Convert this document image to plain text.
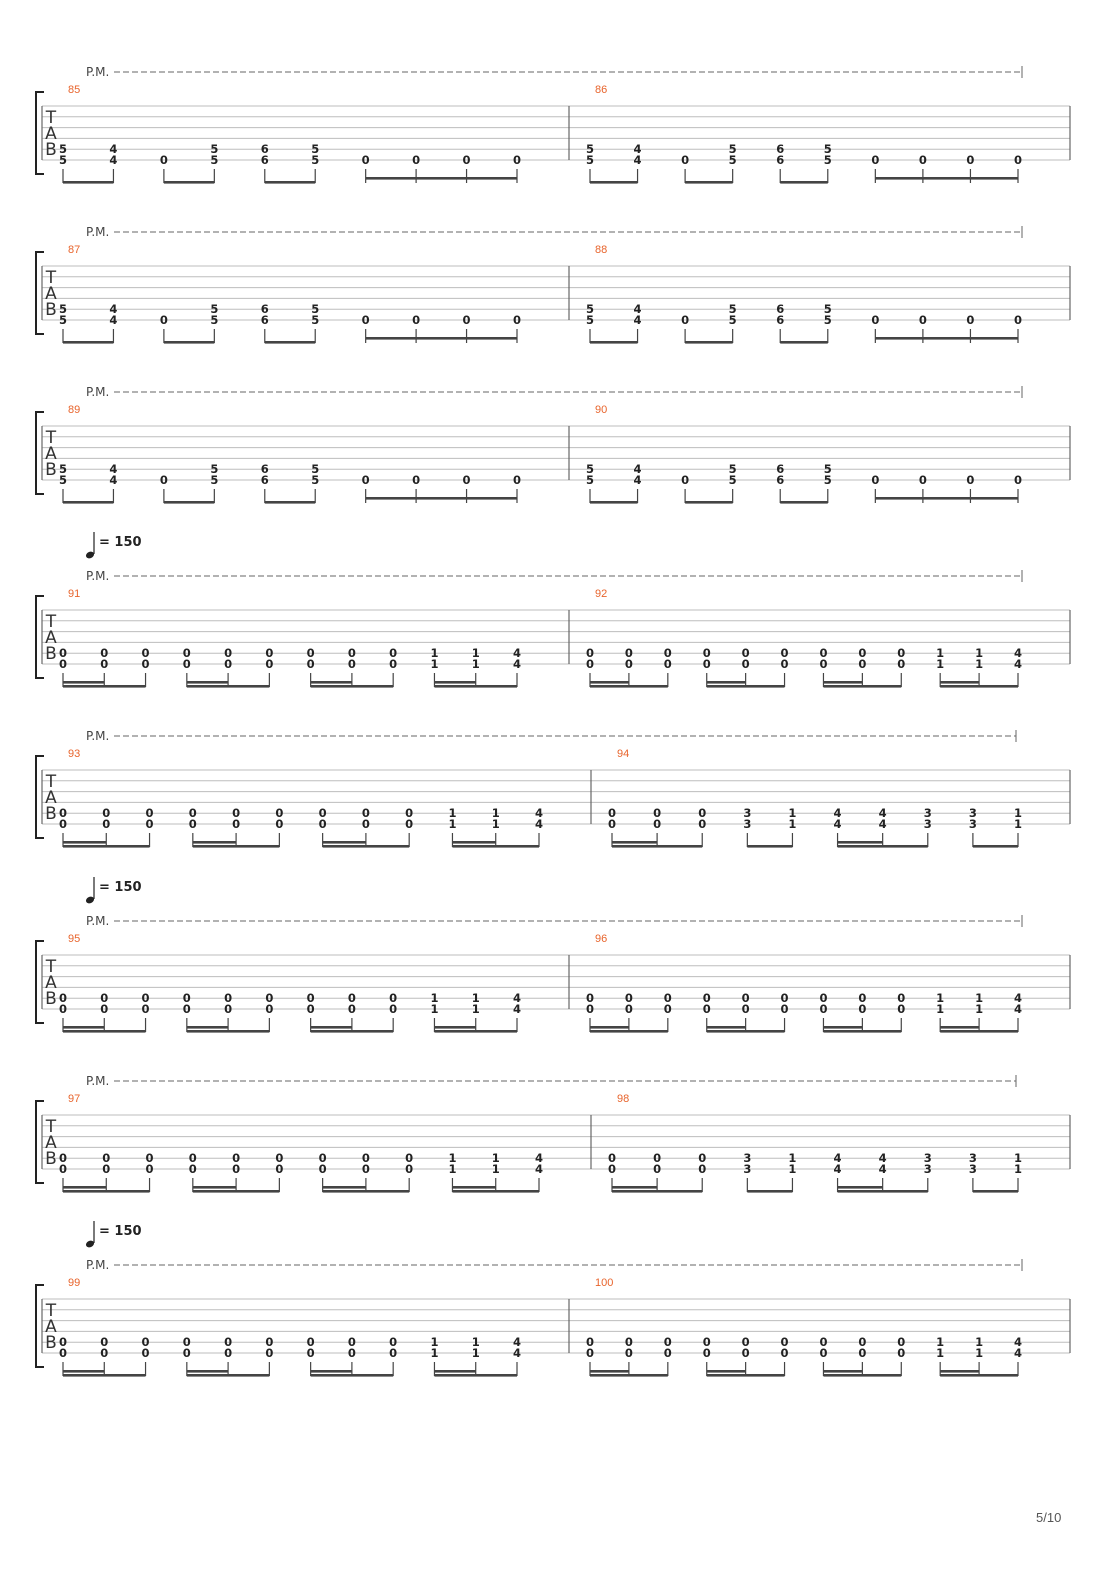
T
A
B
P.M.
85
5
5
4
4	0
5
5
6
6
5
5	0	0	0	0
86
5
5
4
4	0
5
5
6
6
5
5	0	0	0	0
T
A
B
P.M.
87
5
5
4
4	0
5
5
6
6
5
5	0	0	0	0
88
5
5
4
4	0
5
5
6
6
5
5	0	0	0	0
T
A
B
P.M.
89
5
5
4
4	0
5
5
6
6
5
5	0	0	0	0
90
5
5
4
4	0
5
5
6
6
5
5	0	0	0	0
T
A
B
P.M.
= 150
91
0
0
0
0
0
0
0
0
0
0
0
0
0
0
0
0
0
0
1
1
1
1
4
4
92
0
0
0
0
0
0
0
0
0
0
0
0
0
0
0
0
0
0
1
1
1
1
4
4
T
A
B
P.M.
93
0
0
0
0
0
0
0
0
0
0
0
0
0
0
0
0
0
0
1
1
1
1
4
4
94
0
0
0
0
0
0
3
3
1
1
4
4
4
4
3
3
3
3
1
1
T
A
B
P.M.
= 150
95
0
0
0
0
0
0
0
0
0
0
0
0
0
0
0
0
0
0
1
1
1
1
4
4
96
0
0
0
0
0
0
0
0
0
0
0
0
0
0
0
0
0
0
1
1
1
1
4
4
T
A
B
P.M.
97
0
0
0
0
0
0
0
0
0
0
0
0
0
0
0
0
0
0
1
1
1
1
4
4
98
0
0
0
0
0
0
3
3
1
1
4
4
4
4
3
3
3
3
1
1
T
A
B
P.M.
= 150
99
0
0
0
0
0
0
0
0
0
0
0
0
0
0
0
0
0
0
1
1
1
1
4
4
100
0
0
0
0
0
0
0
0
0
0
0
0
0
0
0
0
0
0
1
1
1
1
4
4
5/10
